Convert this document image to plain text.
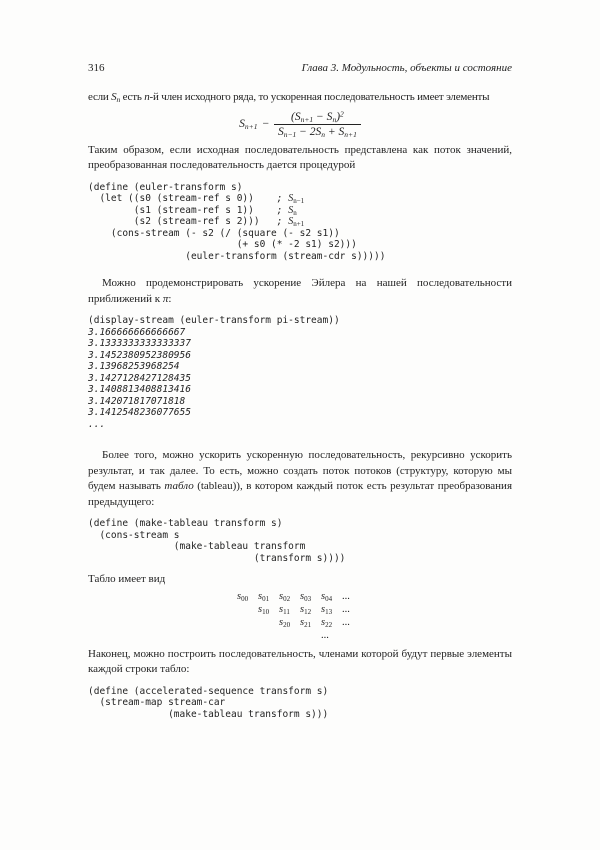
316	Глава 3. Модульность, объекты и состояние

если $S_n$ есть n-й член исходного ряда, то ускоренная последовательность имеет элементы

$S_{n+1} - \frac{(S_{n+1} - S_n)^2}{S_{n-1} - 2S_n + S_{n+1}}$

Таким образом, если исходная последовательность представлена как поток значений, преобразованная последовательность дается процедурой

(define (euler-transform s)
(let ((s0 (stream-ref s 0))    ; $S_{n-1}$
(s1 (stream-ref s 1))    ; $S_n$
(s2 (stream-ref s 2)))   ; $S_{n+1}$
(cons-stream (- s2 (/ (square (- s2 s1))
(+ s0 (* -2 s1) s2)))
(euler-transform (stream-cdr s)))))

Можно продемонстрировать ускорение Эйлера на нашей последовательности приближений к π:

(display-stream (euler-transform pi-stream))
3.166666666666667
3.1333333333333337
3.1452380952380956
3.13968253968254
3.1427128427128435
3.1408813408813416
3.142071817071818
3.1412548236077655
...

Более того, можно ускорить ускоренную последовательность, рекурсивно ускорить результат, и так далее. То есть, можно создать поток потоков (структуру, которую мы будем называть табло (tableau)), в котором каждый поток есть результат преобразования предыдущего:

(define (make-tableau transform s)
(cons-stream s
(make-tableau transform
(transform s))))

Табло имеет вид

$s_{00}$	$s_{01}$	$s_{02}$	$s_{03}$	$s_{04}$	...
	$s_{10}$	$s_{11}$	$s_{12}$	$s_{13}$	...
		$s_{20}$	$s_{21}$	$s_{22}$	...
				...	

Наконец, можно построить последовательность, членами которой будут первые элементы каждой строки табло:

(define (accelerated-sequence transform s)
(stream-map stream-car
(make-tableau transform s)))
